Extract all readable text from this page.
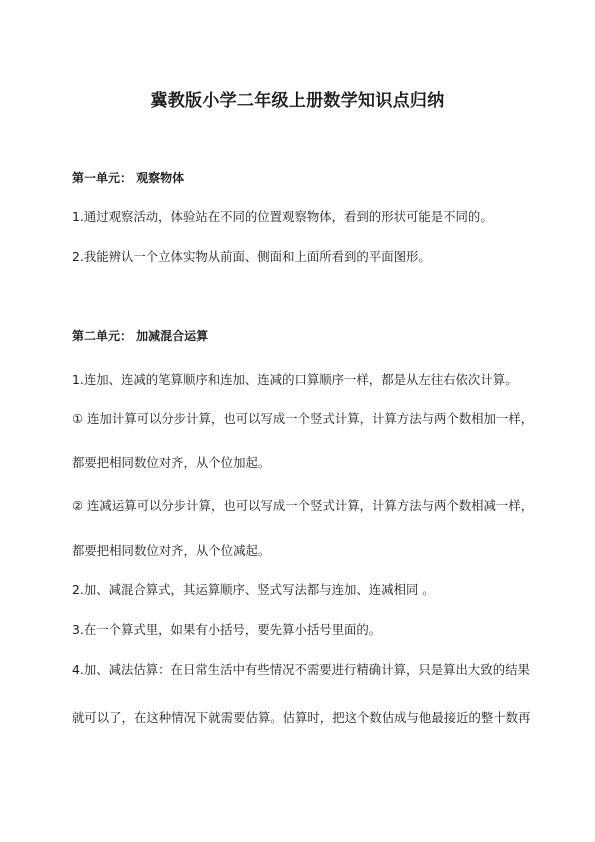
冀教版小学二年级上册数学知识点归纳
第一单元： 观察物体
1.通过观察活动，体验站在不同的位置观察物体，看到的形状可能是不同的。
2.我能辨认一个立体实物从前面、侧面和上面所看到的平面图形。
第二单元： 加减混合运算
1.连加、连减的笔算顺序和连加、连减的口算顺序一样，都是从左往右依次计算。
① 连加计算可以分步计算，也可以写成一个竖式计算，计算方法与两个数相加一样，
都要把相同数位对齐，从个位加起。
② 连减运算可以分步计算，也可以写成一个竖式计算，计算方法与两个数相减一样，
都要把相同数位对齐，从个位减起。
2.加、减混合算式，其运算顺序、竖式写法都与连加、连减相同 。
3.在一个算式里，如果有小括号，要先算小括号里面的。
4.加、减法估算：在日常生活中有些情况不需要进行精确计算，只是算出大致的结果
就可以了，在这种情况下就需要估算。估算时，把这个数估成与他最接近的整十数再
